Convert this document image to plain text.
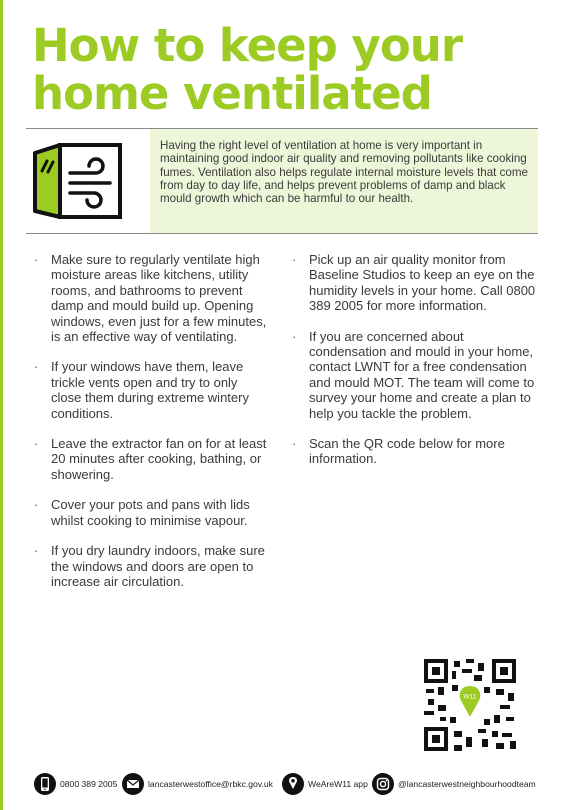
How to keep your
home ventilated
Having the right level of ventilation at home is very important in maintaining good indoor air quality and removing pollutants like cooking fumes. Ventilation also helps regulate internal moisture levels that come from day to day life, and helps prevent problems of damp and black mould growth which can be harmful to our health.
· Make sure to regularly ventilate high moisture areas like kitchens, utility rooms, and bathrooms to prevent damp and mould build up. Opening windows, even just for a few minutes, is an effective way of ventilating.
· If your windows have them, leave trickle vents open and try to only close them during extreme wintery conditions.
· Leave the extractor fan on for at least 20 minutes after cooking, bathing, or showering.
· Cover your pots and pans with lids whilst cooking to minimise vapour.
· If you dry laundry indoors, make sure the windows and doors are open to increase air circulation.
· Pick up an air quality monitor from Baseline Studios to keep an eye on the humidity levels in your home. Call 0800 389 2005 for more information.
· If you are concerned about condensation and mould in your home, contact LWNT for a free condensation and mould MOT. The team will come to survey your home and create a plan to help you tackle the problem.
· Scan the QR code below for more information.
W11
0800 389 2005	lancasterwestoffice@rbkc.gov.uk	WeAreW11 app	@lancasterwestneighbourhoodteam
